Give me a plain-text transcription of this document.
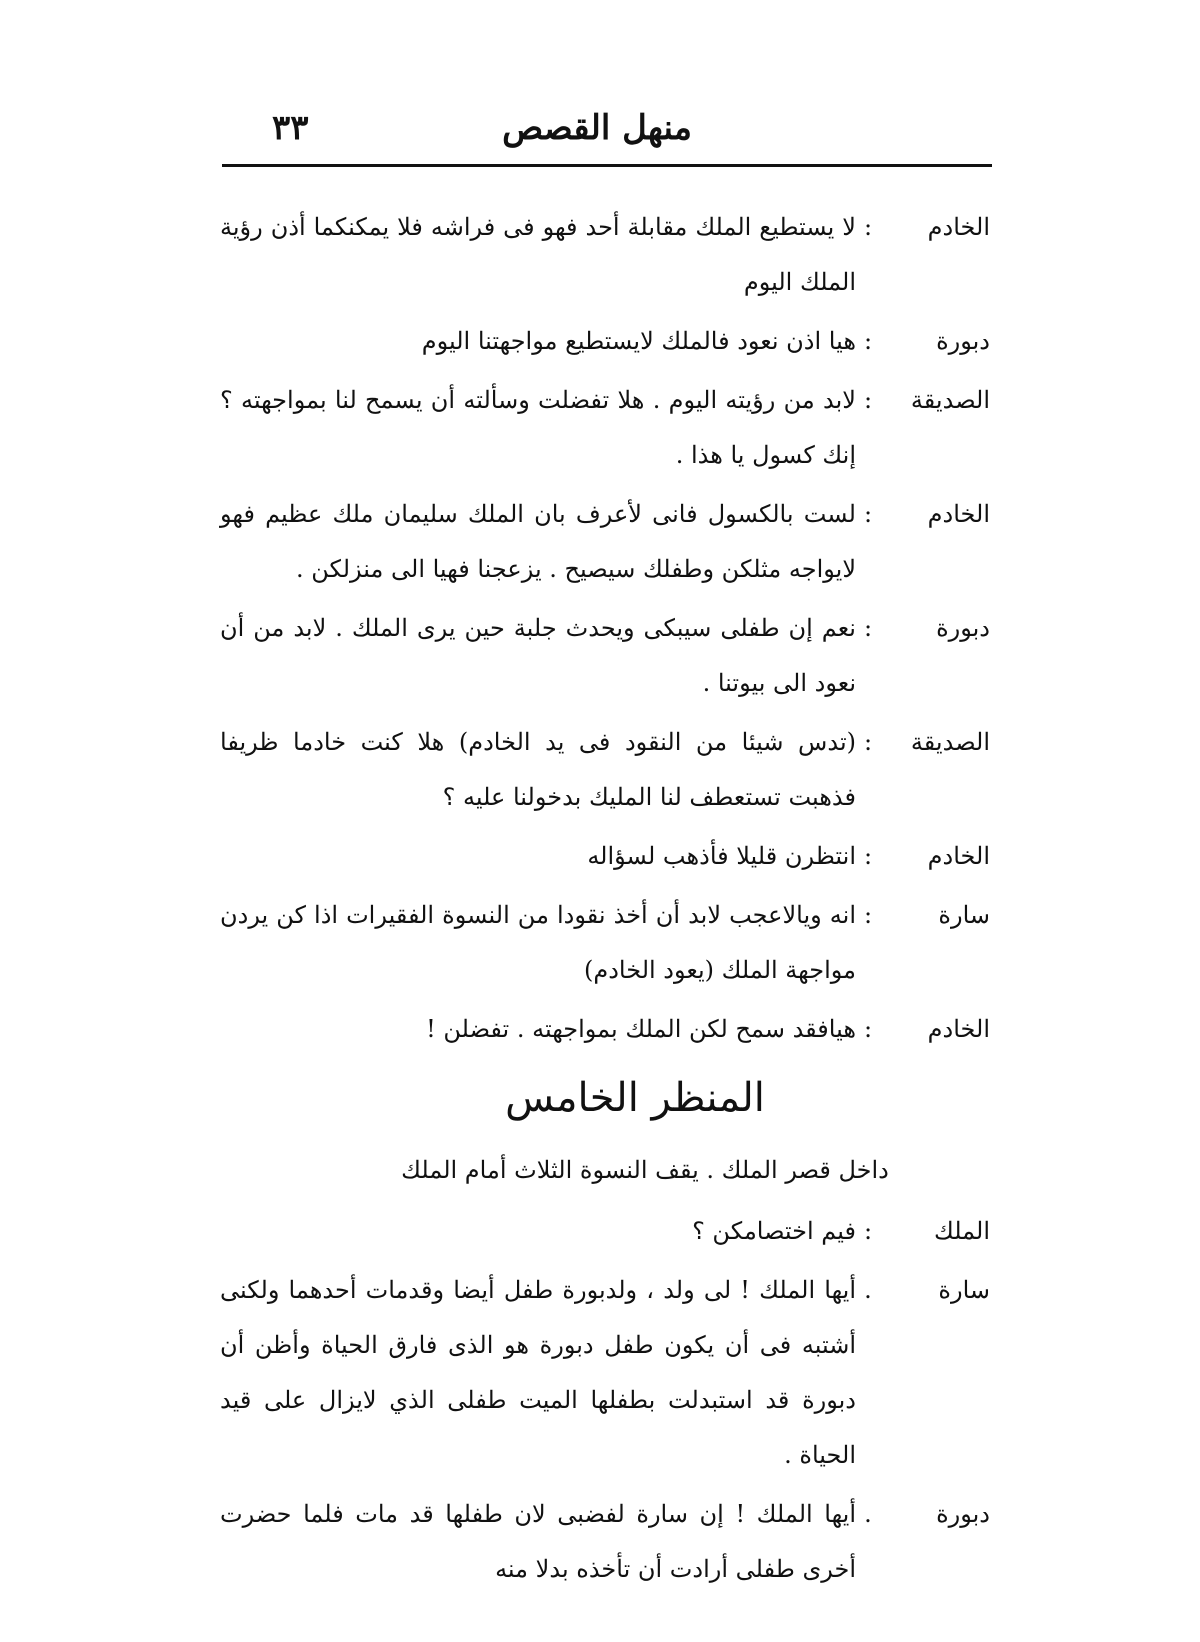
منهل القصص
٣٣
الخادم
:
لا يستطيع الملك مقابلة أحد فهو فى فراشه فلا يمكنكما أذن رؤية الملك اليوم
دبورة
:
هيا اذن نعود فالملك لايستطيع مواجهتنا اليوم
الصديقة
:
لابد من رؤيته اليوم . هلا تفضلت وسألته أن يسمح لنا بمواجهته ؟ إنك كسول يا هذا .
الخادم
:
لست بالكسول فانى لأعرف بان الملك سليمان ملك عظيم فهو لايواجه مثلكن وطفلك سيصيح . يزعجنا فهيا الى منزلكن .
دبورة
:
نعم إن طفلى سيبكى ويحدث جلبة حين يرى الملك . لابد من أن نعود الى بيوتنا .
الصديقة
:
(تدس شيئا من النقود فى يد الخادم) هلا كنت خادما ظريفا فذهبت تستعطف لنا المليك بدخولنا عليه ؟
الخادم
:
انتظرن قليلا فأذهب لسؤاله
سارة
:
انه ويالاعجب لابد أن أخذ نقودا من النسوة الفقيرات اذا كن يردن مواجهة الملك (يعود الخادم)
الخادم
:
هيافقد سمح لكن الملك بمواجهته . تفضلن !
المنظر الخامس
داخل قصر الملك . يقف النسوة الثلاث أمام الملك
الملك
:
فيم اختصامكن ؟
سارة
.
أيها الملك ! لى ولد ، ولدبورة طفل أيضا وقدمات أحدهما ولكنى أشتبه فى أن يكون طفل دبورة هو الذى فارق الحياة وأظن أن دبورة قد استبدلت بطفلها الميت طفلى الذي لايزال على قيد الحياة .
دبورة
.
أيها الملك ! إن سارة لفضبى لان طفلها قد مات فلما حضرت أخرى طفلى أرادت أن تأخذه بدلا منه
